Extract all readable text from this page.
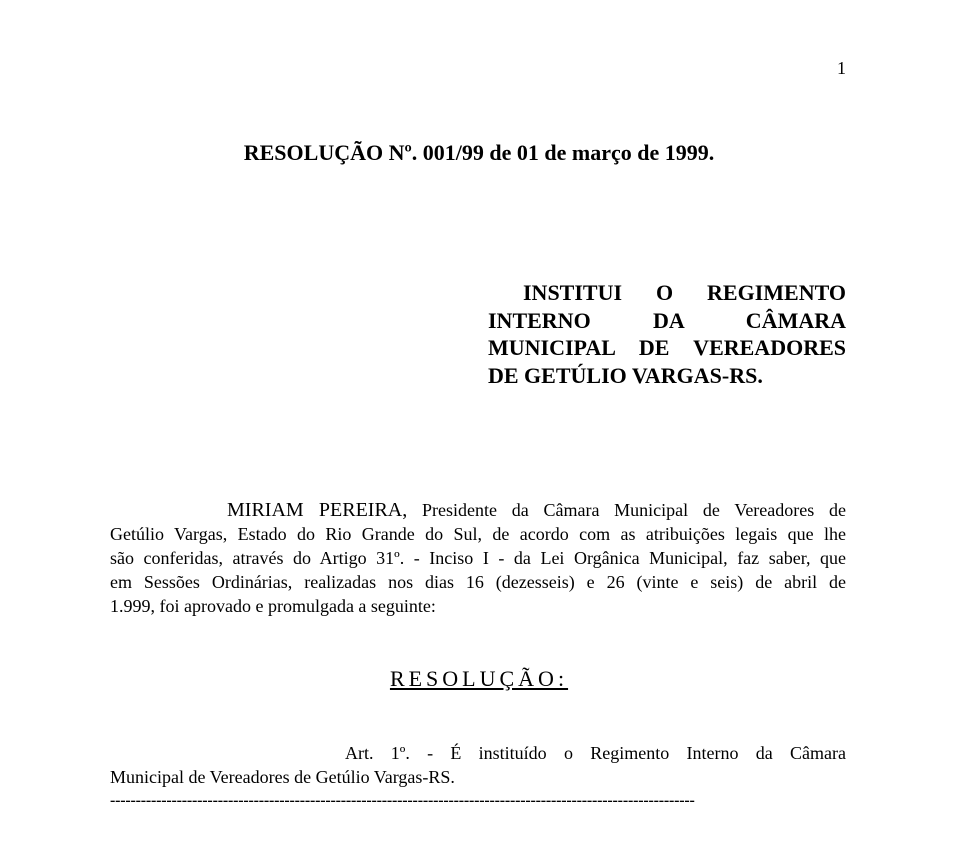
1
RESOLUÇÃO Nº. 001/99 de 01 de março de 1999.
INSTITUI O REGIMENTO
INTERNO DA CÂMARA
MUNICIPAL DE VEREADORES
DE GETÚLIO VARGAS-RS.
MIRIAM PEREIRA, Presidente da Câmara Municipal de Vereadores de
Getúlio Vargas, Estado do Rio Grande do Sul, de acordo com as atribuições legais que lhe
são conferidas, através do Artigo 31º. - Inciso I - da Lei Orgânica Municipal, faz saber, que
em Sessões Ordinárias, realizadas nos dias 16 (dezesseis) e 26 (vinte e seis) de abril de
1.999, foi aprovado e promulgada a seguinte:
RESOLUÇÃO:
Art. 1º. - É instituído o Regimento Interno da Câmara
Municipal de Vereadores de Getúlio Vargas-RS.
------------------------------------------------------------------------------------------------------------------
